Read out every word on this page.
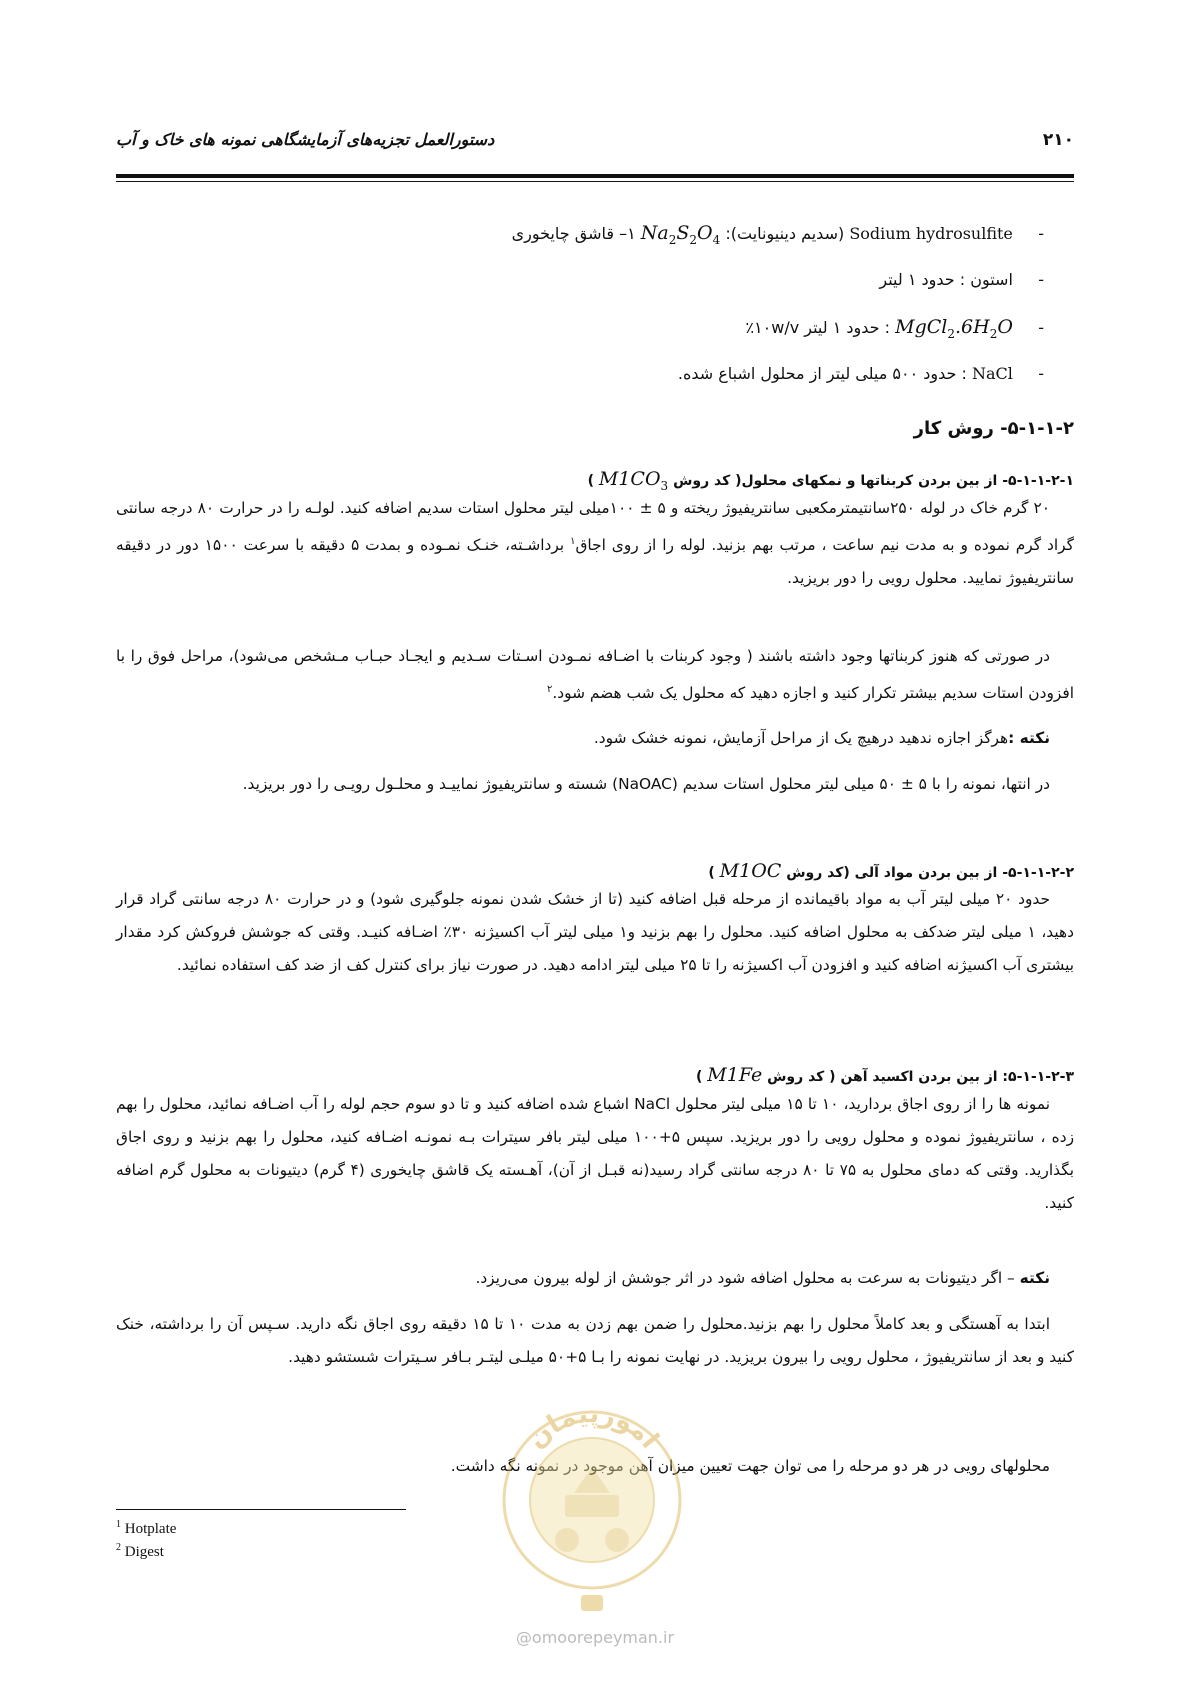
دستورالعمل تجزیه‌های آزمایشگاهی نمونه های خاک و آب	۲۱۰
- Sodium hydrosulfite (سدیم دینیونایت): $Na_2S_2O_4$ ۱– قاشق چایخوری
- استون : حدود ۱ لیتر
- $MgCl_2.6H_2O$ : حدود ۱ لیتر ۱۰w/v٪
- NaCl : حدود ۵۰۰ میلی لیتر از محلول اشباع شده.
۵-۱-۱-۲- روش کار
۵-۱-۱-۲-۱- از بین بردن کربناتها و نمکهای محلول( کد روش $M1CO_3$ )
۲۰ گرم خاک در لوله ۲۵۰سانتیمترمکعبی سانتریفیوژ ریخته و ۵ ± ۱۰۰میلی لیتر محلول استات سدیم اضافه کنید. لولـه را در حرارت ۸۰ درجه سانتی گراد گرم نموده و به مدت نیم ساعت ، مرتب بهم بزنید. لوله را از روی اجاق$^۱$ برداشـته، خنـک نمـوده و بمدت ۵ دقیقه با سرعت ۱۵۰۰ دور در دقیقه سانتریفیوژ نمایید. محلول رویی را دور بریزید.
در صورتی که هنوز کربناتها وجود داشته باشند ( وجود کربنات با اضـافه نمـودن اسـتات سـدیم و ایجـاد حبـاب مـشخص می‌شود)، مراحل فوق را با افزودن استات سدیم بیشتر تکرار کنید و اجازه دهید که محلول یک شب هضم شود.$^۲$
نکته :هرگز اجازه ندهید درهیچ یک از مراحل آزمایش، نمونه خشک شود.
در انتها، نمونه را با ۵ ± ۵۰ میلی لیتر محلول استات سدیم (NaOAC) شسته و سانتریفیوژ نماییـد و محلـول رویـی را دور بریزید.
۵-۱-۱-۲-۲- از بین بردن مواد آلی (کد روش M1OC )
حدود ۲۰ میلی لیتر آب به مواد باقیمانده از مرحله قبل اضافه کنید (تا از خشک شدن نمونه جلوگیری شود) و در حرارت ۸۰ درجه سانتی گراد قرار دهید، ۱ میلی لیتر ضدکف به محلول اضافه کنید. محلول را بهم بزنید و۱ میلی لیتر آب اکسیژنه ۳۰٪ اضـافه کنیـد. وقتی که جوشش فروکش کرد مقدار بیشتری آب اکسیژنه اضافه کنید و افزودن آب اکسیژنه را تا ۲۵ میلی لیتر ادامه دهید. در صورت نیاز برای کنترل کف از ضد کف استفاده نمائید.
۵-۱-۱-۲-۳: از بین بردن اکسید آهن ( کد روش M1Fe )
نمونه ها را از روی اجاق بردارید، ۱۰ تا ۱۵ میلی لیتر محلول NaCl اشباع شده اضافه کنید و تا دو سوم حجم لوله را آب اضـافه نمائید، محلول را بهم زده ، سانتریفیوژ نموده و محلول رویی را دور بریزید. سپس ۵+۱۰۰ میلی لیتر بافر سیترات بـه نمونـه اضـافه کنید، محلول را بهم بزنید و روی اجاق بگذارید. وقتی که دمای محلول به ۷۵ تا ۸۰ درجه سانتی گراد رسید(نه قبـل از آن)، آهـسته یک قاشق چایخوری (۴ گرم) دیتیونات به محلول گرم اضافه کنید.
نکته – اگر دیتیونات به سرعت به محلول اضافه شود در اثر جوشش از لوله بیرون می‌ریزد.
ابتدا به آهستگی و بعد کاملاً محلول را بهم بزنید.محلول را ضمن بهم زدن به مدت ۱۰ تا ۱۵ دقیقه روی اجاق نگه دارید. سـپس آن را برداشته، خنک کنید و بعد از سانتریفیوژ ، محلول رویی را بیرون بریزید. در نهایت نمونه را بـا ۵+۵۰ میلـی لیتـر بـافر سـیترات شستشو دهید.
محلولهای رویی در هر دو مرحله را می توان جهت تعیین میزان آهن موجود در نمونه نگه داشت.
$^1$ Hotplate
$^2$ Digest
امورپیمان
@omoorepeyman.ir
